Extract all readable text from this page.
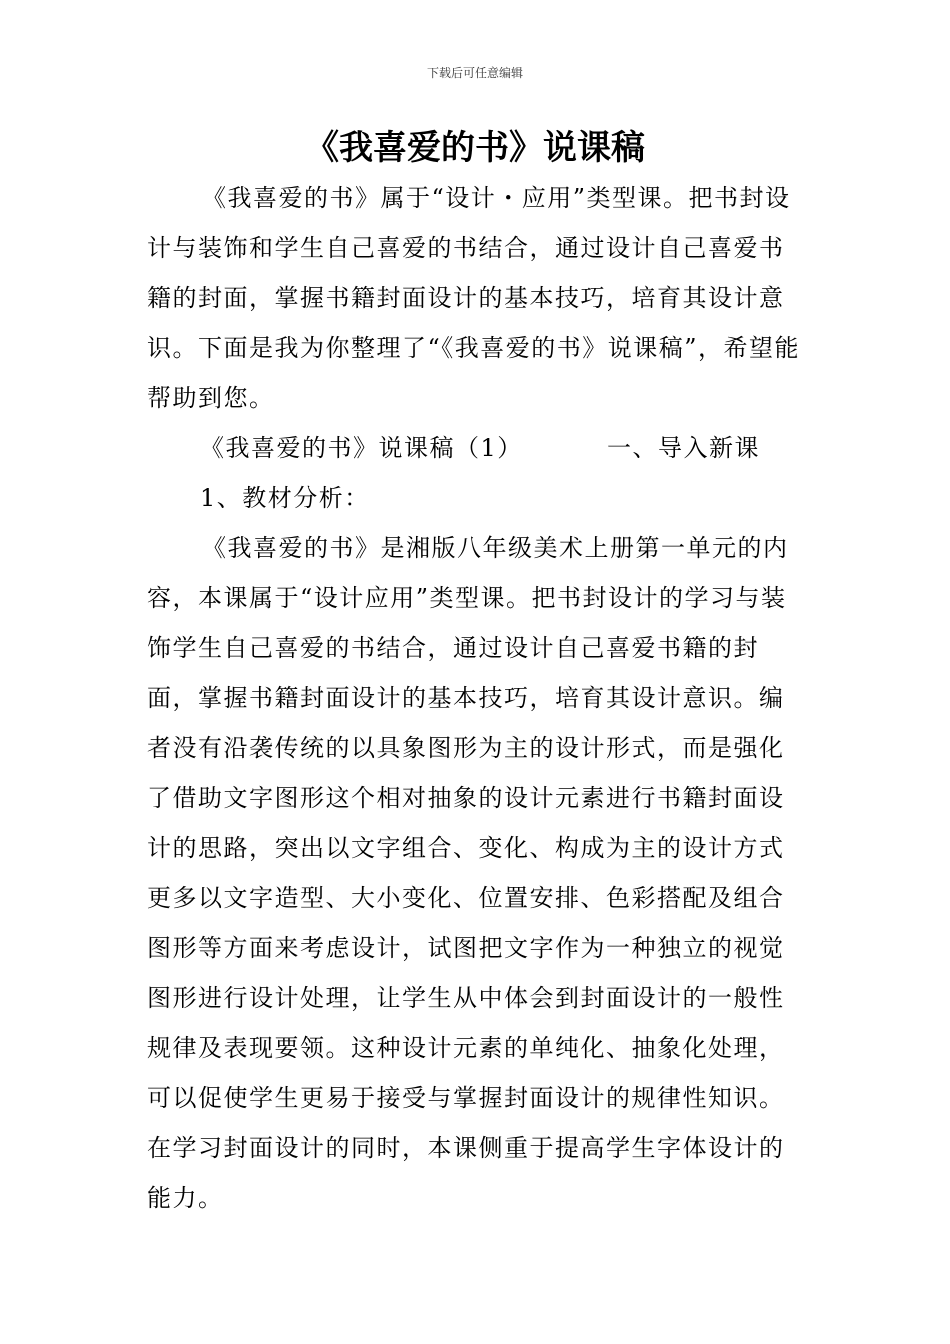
下载后可任意编辑
《我喜爱的书》说课稿

《我喜爱的书》属于“设计・应用”类型课。把书封设计与装饰和学生自己喜爱的书结合，通过设计自己喜爱书籍的封面，掌握书籍封面设计的基本技巧，培育其设计意识。下面是我为你整理了“《我喜爱的书》说课稿”，希望能帮助到您。

《我喜爱的书》说课稿（1）	一、导入新课

1、教材分析：

《我喜爱的书》是湘版八年级美术上册第一单元的内容，本课属于“设计应用”类型课。把书封设计的学习与装饰学生自己喜爱的书结合，通过设计自己喜爱书籍的封面，掌握书籍封面设计的基本技巧，培育其设计意识。编者没有沿袭传统的以具象图形为主的设计形式，而是强化了借助文字图形这个相对抽象的设计元素进行书籍封面设计的思路，突出以文字组合、变化、构成为主的设计方式更多以文字造型、大小变化、位置安排、色彩搭配及组合图形等方面来考虑设计，试图把文字作为一种独立的视觉图形进行设计处理，让学生从中体会到封面设计的一般性规律及表现要领。这种设计元素的单纯化、抽象化处理，可以促使学生更易于接受与掌握封面设计的规律性知识。在学习封面设计的同时，本课侧重于提高学生字体设计的能力。
